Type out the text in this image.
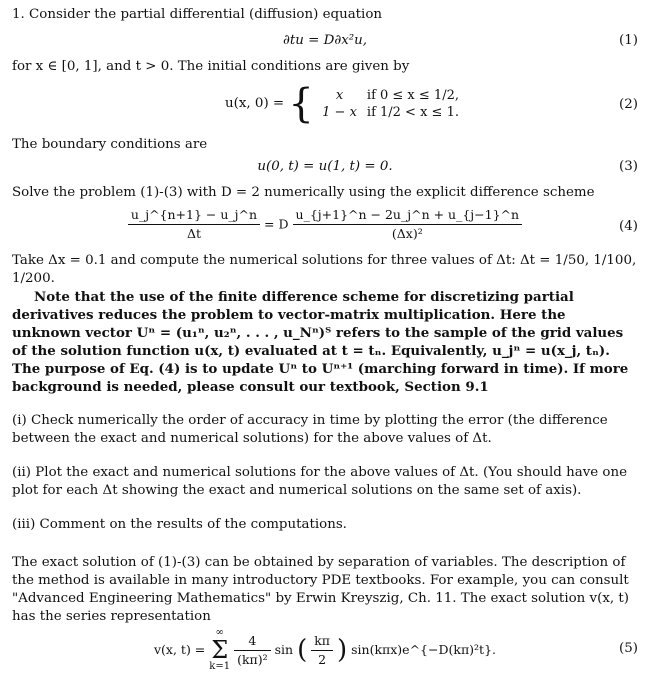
1. Consider the partial differential (diffusion) equation

∂tu = D∂x²u,	(1)

for x ∈ [0, 1], and t > 0. The initial conditions are given by

u(x, 0) = { x	if 0 ≤ x ≤ 1/2,
1 − x	if 1/2 < x ≤ 1.
(2)

The boundary conditions are

u(0, t) = u(1, t) = 0.	(3)

Solve the problem (1)-(3) with D = 2 numerically using the explicit difference scheme

$\frac{u\_j\^{}\{n+1\} - u\_j\^{}n}{\Delta t} = D \frac{u\_\{j+1\}\^{}n - 2u\_j\^{}n + u\_\{j-1\}\^{}n}{\text{(Δx)²}}$	(4)

Take Δx = 0.1 and compute the numerical solutions for three values of Δt: Δt = 1/50, 1/100, 1/200.

Note that the use of the finite difference scheme for discretizing partial derivatives reduces the problem to vector-matrix multiplication. Here the unknown vector Uⁿ = (u₁ⁿ, u₂ⁿ, . . . , u_Nⁿ)ᵀ refers to the sample of the grid values of the solution function u(x, t) evaluated at t = tₙ. Equivalently, u_jⁿ = u(x_j, tₙ). The purpose of Eq. (4) is to update Uⁿ to Uⁿ⁺¹ (marching forward in time). If more background is needed, please consult our textbook, Section 9.1

(i) Check numerically the order of accuracy in time by plotting the error (the difference between the exact and numerical solutions) for the above values of Δt.

(ii) Plot the exact and numerical solutions for the above values of Δt. (You should have one plot for each Δt showing the exact and numerical solutions on the same set of axis).

(iii) Comment on the results of the computations.

The exact solution of (1)-(3) can be obtained by separation of variables. The description of the method is available in many introductory PDE textbooks. For example, you can consult "Advanced Engineering Mathematics" by Erwin Kreyszig, Ch. 11. The exact solution v(x, t) has the series representation

v(x, t) = ∞
Σ
$k=1 \frac{4}{\text{(kπ)²}}$ sin ( $\frac{k\pi}{2}$ ) sin(kπx)e^{−D(kπ)²t}.	(5)
